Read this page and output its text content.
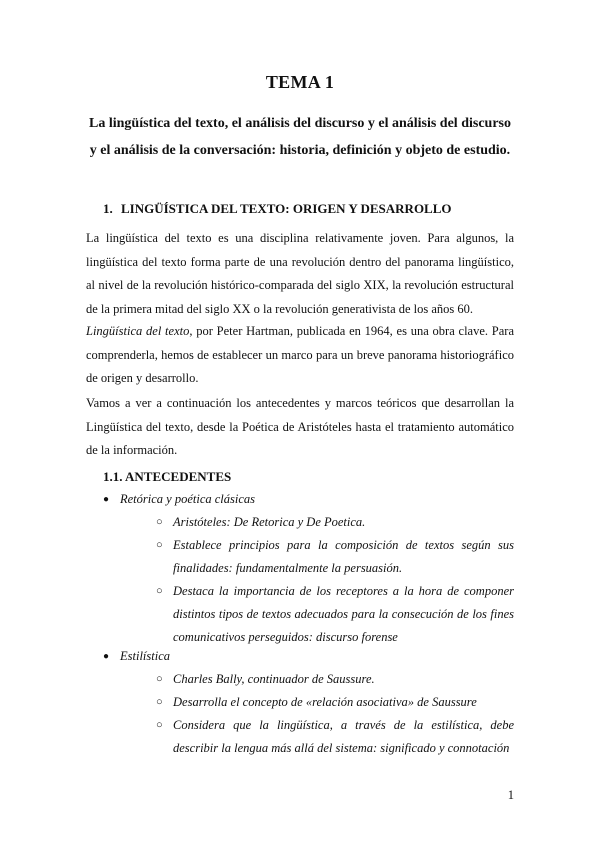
TEMA 1
La lingüística del texto, el análisis del discurso y el análisis del discurso y el análisis de la conversación: historia, definición y objeto de estudio.
1. LINGÜÍSTICA DEL TEXTO: ORIGEN Y DESARROLLO
La lingüística del texto es una disciplina relativamente joven. Para algunos, la lingüística del texto forma parte de una revolución dentro del panorama lingüístico, al nivel de la revolución histórico-comparada del siglo XIX, la revolución estructural de la primera mitad del siglo XX o la revolución generativista de los años 60.
Lingüística del texto, por Peter Hartman, publicada en 1964, es una obra clave. Para comprenderla, hemos de establecer un marco para un breve panorama historiográfico de origen y desarrollo.
Vamos a ver a continuación los antecedentes y marcos teóricos que desarrollan la Lingüística del texto, desde la Poética de Aristóteles hasta el tratamiento automático de la información.
1.1. ANTECEDENTES
● Retórica y poética clásicas
○ Aristóteles: De Retorica y De Poetica.
○ Establece principios para la composición de textos según sus finalidades: fundamentalmente la persuasión.
○ Destaca la importancia de los receptores a la hora de componer distintos tipos de textos adecuados para la consecución de los fines comunicativos perseguidos: discurso forense
● Estilística
○ Charles Bally, continuador de Saussure.
○ Desarrolla el concepto de «relación asociativa» de Saussure
○ Considera que la lingüística, a través de la estilística, debe describir la lengua más allá del sistema: significado y connotación
1
